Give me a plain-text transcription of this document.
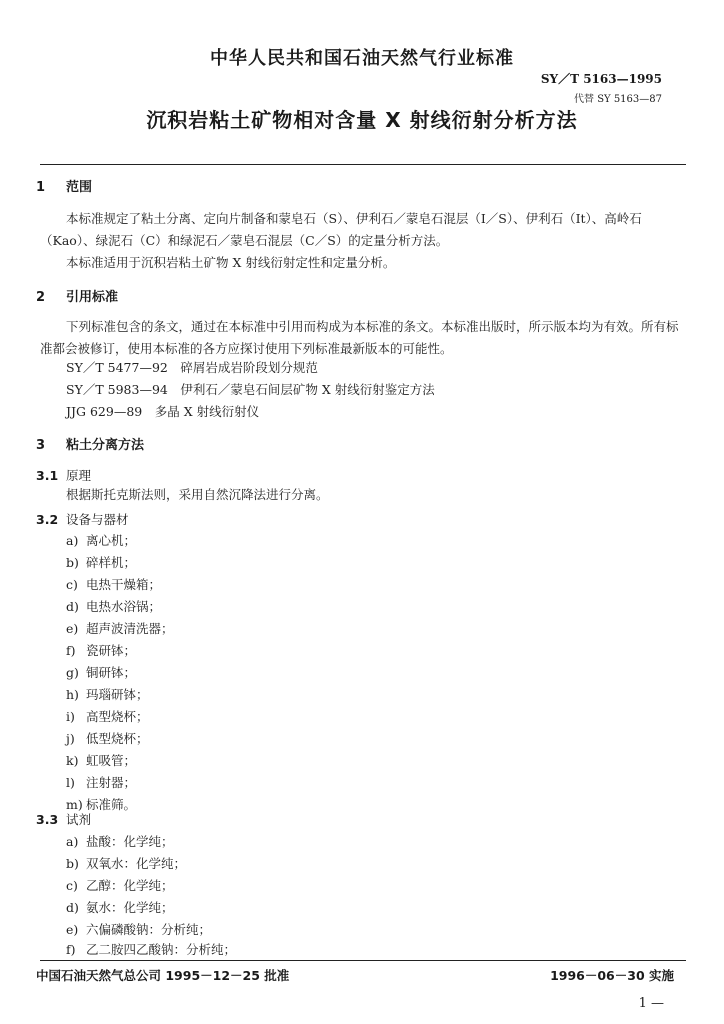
中华人民共和国石油天然气行业标准
SY／T 5163—1995
代替 SY 5163—87
沉积岩粘土矿物相对含量 X 射线衍射分析方法
1 范围
本标准规定了粘土分离、定向片制备和蒙皂石（S）、伊利石／蒙皂石混层（I／S）、伊利石（It）、高岭石（Kao）、绿泥石（C）和绿泥石／蒙皂石混层（C／S）的定量分析方法。
本标准适用于沉积岩粘土矿物 X 射线衍射定性和定量分析。
2 引用标准
下列标准包含的条文，通过在本标准中引用而构成为本标准的条文。本标准出版时，所示版本均为有效。所有标准都会被修订，使用本标准的各方应探讨使用下列标准最新版本的可能性。
SY／T 5477—92　碎屑岩成岩阶段划分规范
SY／T 5983—94　伊利石／蒙皂石间层矿物 X 射线衍射鉴定方法
JJG 629—89　多晶 X 射线衍射仪
3 粘土分离方法
3.1 原理
根据斯托克斯法则，采用自然沉降法进行分离。
3.2 设备与器材
a) 离心机；
b) 碎样机；
c) 电热干燥箱；
d) 电热水浴锅；
e) 超声波清洗器；
f) 瓷研钵；
g) 铜研钵；
h) 玛瑙研钵；
i) 高型烧杯；
j) 低型烧杯；
k) 虹吸管；
l) 注射器；
m) 标准筛。
3.3 试剂
a) 盐酸：化学纯；
b) 双氧水：化学纯；
c) 乙醇：化学纯；
d) 氨水：化学纯；
e) 六偏磷酸钠：分析纯；
f) 乙二胺四乙酸钠：分析纯；
中国石油天然气总公司 1995－12－25 批准	1996－06－30 实施
1 —
